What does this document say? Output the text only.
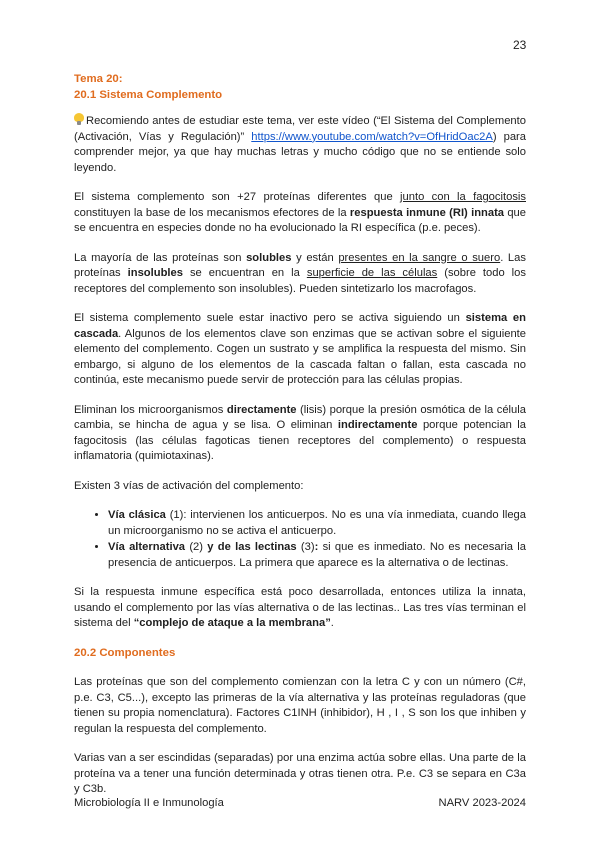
23
Tema 20:
20.1 Sistema Complemento

Recomiendo antes de estudiar este tema, ver este vídeo (“El Sistema del Complemento (Activación, Vías y Regulación)” https://www.youtube.com/watch?v=OfHridOac2A) para comprender mejor, ya que hay muchas letras y mucho código que no se entiende solo leyendo.

El sistema complemento son +27 proteínas diferentes que junto con la fagocitosis constituyen la base de los mecanismos efectores de la respuesta inmune (RI) innata que se encuentra en especies donde no ha evolucionado la RI específica (p.e. peces).

La mayoría de las proteínas son solubles y están presentes en la sangre o suero. Las proteínas insolubles se encuentran en la superficie de las células (sobre todo los receptores del complemento son insolubles). Pueden sintetizarlo los macrofagos.

El sistema complemento suele estar inactivo pero se activa siguiendo un sistema en cascada. Algunos de los elementos clave son enzimas que se activan sobre el siguiente elemento del complemento. Cogen un sustrato y se amplifica la respuesta del mismo. Sin embargo, si alguno de los elementos de la cascada faltan o fallan, esta cascada no continúa, este mecanismo puede servir de protección para las células propias.

Eliminan los microorganismos directamente (lisis) porque la presión osmótica de la célula cambia, se hincha de agua y se lisa. O eliminan indirectamente porque potencian la fagocitosis (las células fagoticas tienen receptores del complemento) o respuesta inflamatoria (quimiotaxinas).

Existen 3 vías de activación del complemento:

• Vía clásica (1): intervienen los anticuerpos. No es una vía inmediata, cuando llega un microorganismo no se activa el anticuerpo.
• Vía alternativa (2) y de las lectinas (3): si que es inmediato. No es necesaria la presencia de anticuerpos. La primera que aparece es la alternativa o de lectinas.

Si la respuesta inmune específica está poco desarrollada, entonces utiliza la innata, usando el complemento por las vías alternativa o de las lectinas.. Las tres vías terminan el sistema del “complejo de ataque a la membrana”.

20.2 Componentes

Las proteínas que son del complemento comienzan con la letra C y con un número (C#, p.e. C3, C5...), excepto las primeras de la vía alternativa y las proteínas reguladoras (que tienen su propia nomenclatura). Factores C1INH (inhibidor), H , I , S son los que inhiben y regulan la respuesta del complemento.

Varias van a ser escindidas (separadas) por una enzima actúa sobre ellas. Una parte de la proteína va a tener una función determinada y otras tienen otra. P.e. C3 se separa en C3a y C3b.

Microbiología II e Inmunología	NARV 2023-2024
